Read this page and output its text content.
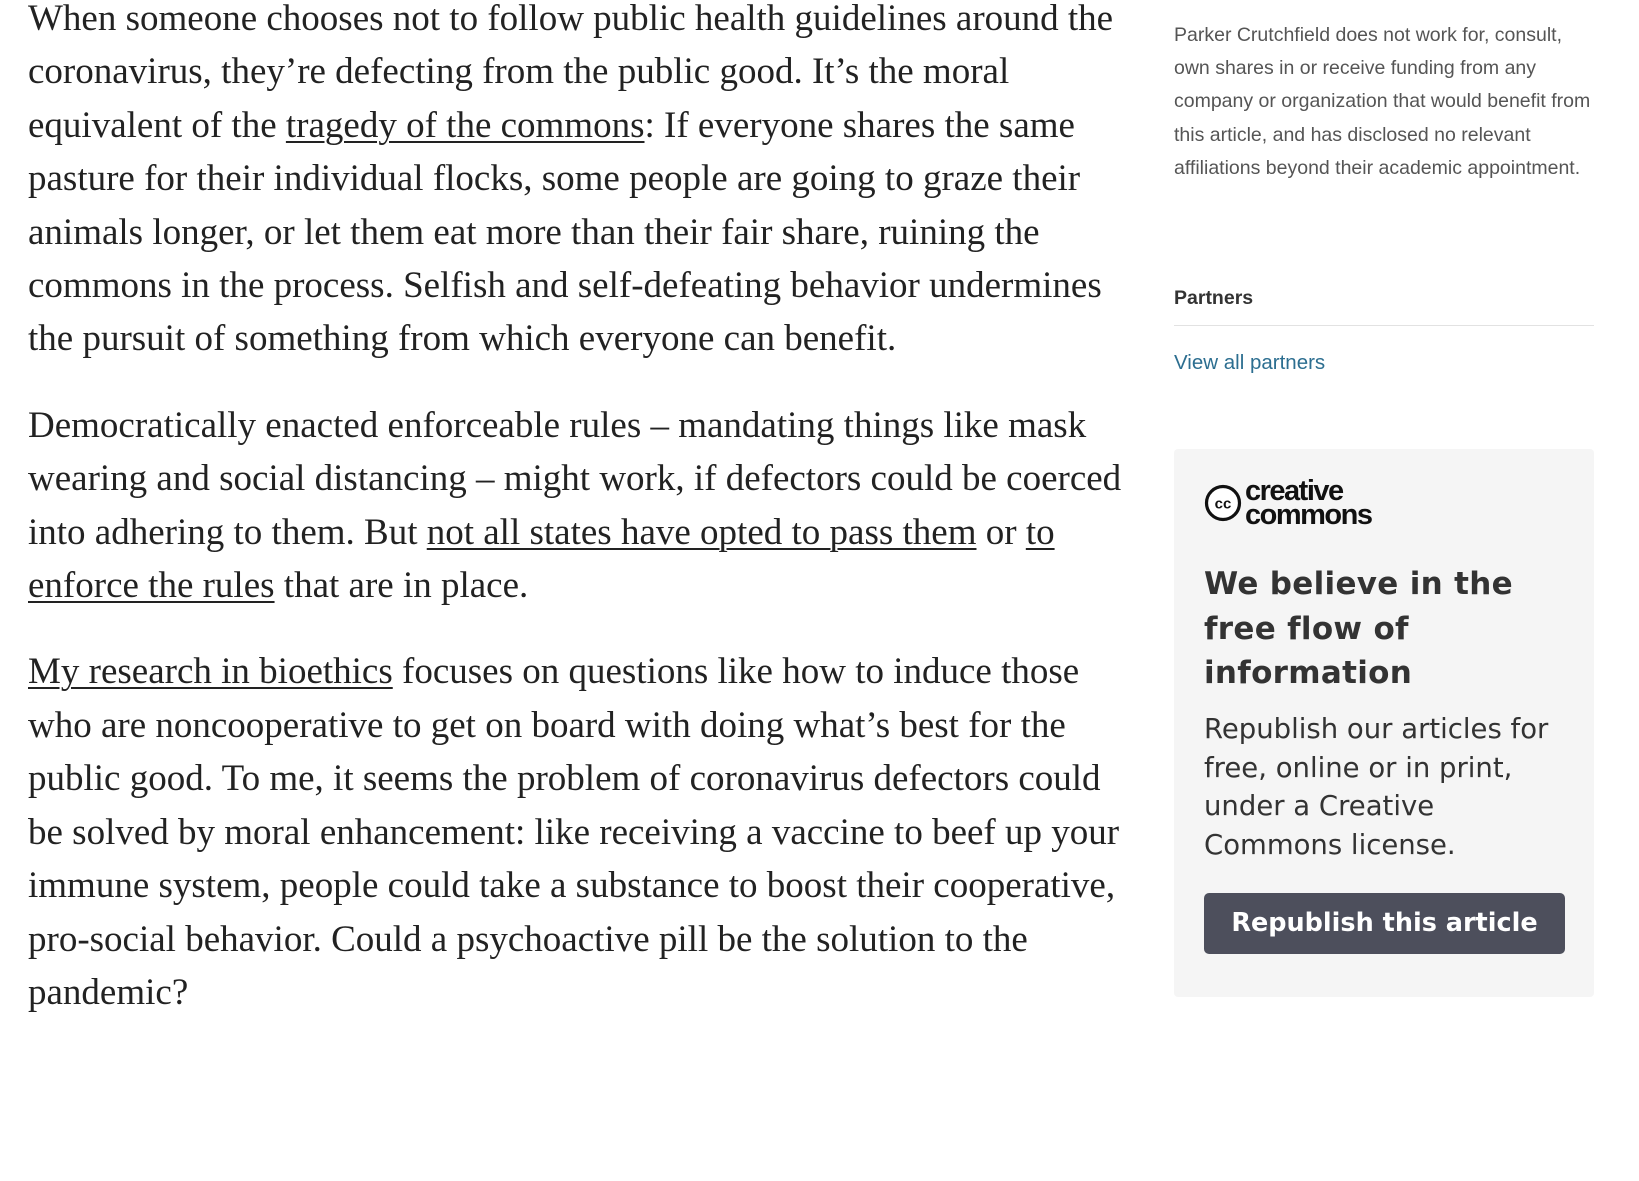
When someone chooses not to follow public health guidelines around the coronavirus, they’re defecting from the public good. It’s the moral equivalent of the tragedy of the commons: If everyone shares the same pasture for their individual flocks, some people are going to graze their animals longer, or let them eat more than their fair share, ruining the commons in the process. Selfish and self-defeating behavior undermines the pursuit of something from which everyone can benefit.

Democratically enacted enforceable rules – mandating things like mask wearing and social distancing – might work, if defectors could be coerced into adhering to them. But not all states have opted to pass them or to enforce the rules that are in place.

My research in bioethics focuses on questions like how to induce those who are noncooperative to get on board with doing what’s best for the public good. To me, it seems the problem of coronavirus defectors could be solved by moral enhancement: like receiving a vaccine to beef up your immune system, people could take a substance to boost their cooperative, pro-social behavior. Could a psychoactive pill be the solution to the pandemic?

Parker Crutchfield does not work for, consult, own shares in or receive funding from any company or organization that would benefit from this article, and has disclosed no relevant affiliations beyond their academic appointment.
Partners
View all partners
cc creative
commons
We believe in the free flow of information
Republish our articles for free, online or in print, under a Creative Commons license.
Republish this article
